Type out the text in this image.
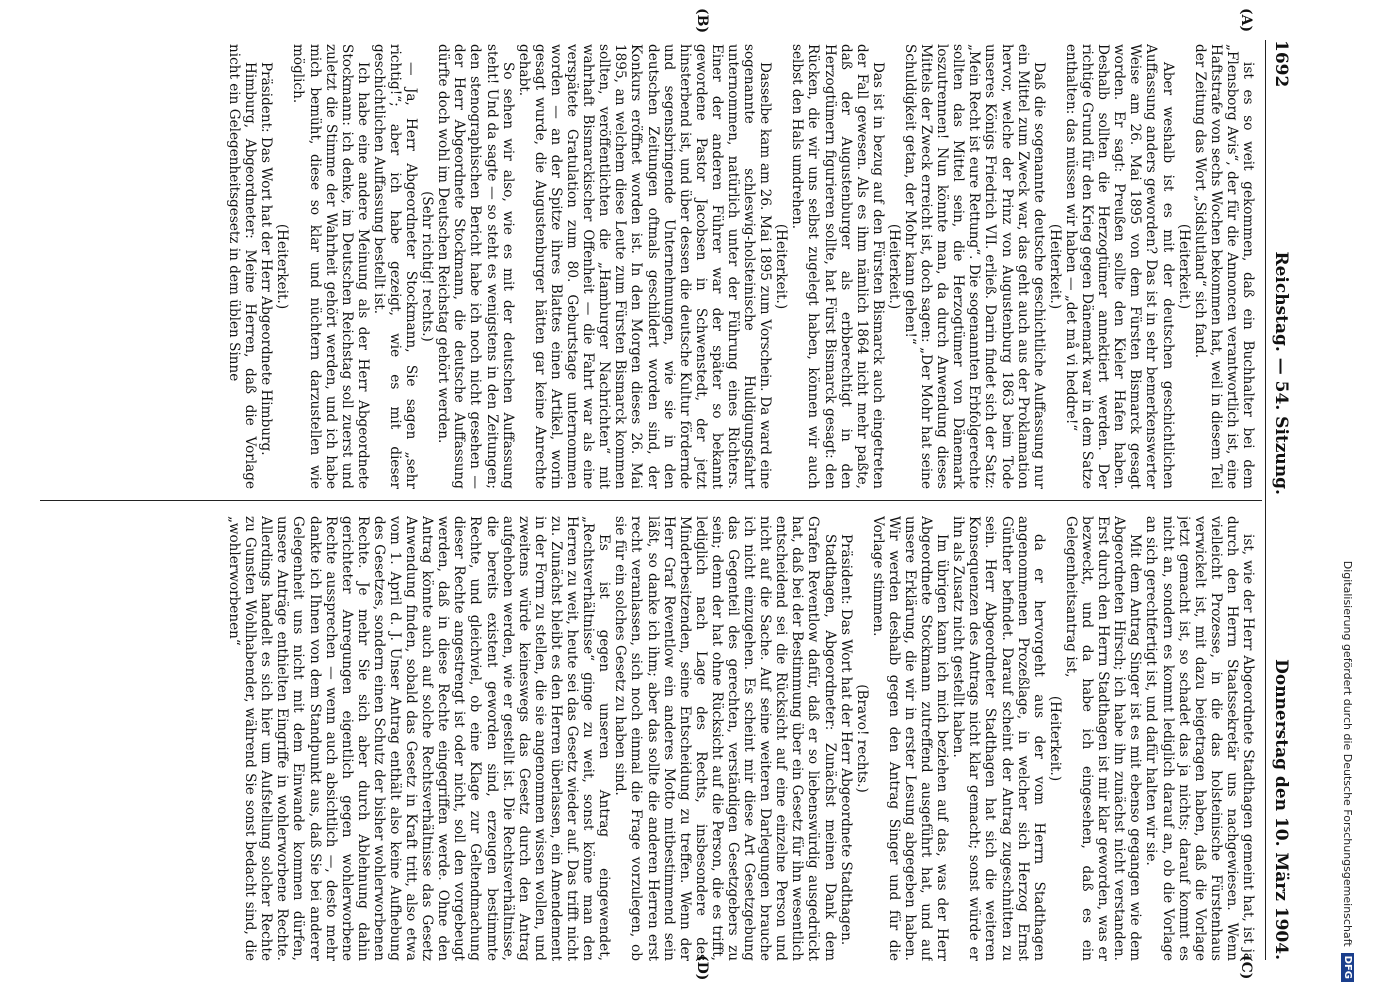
1692
Reichstag. — 54. Sitzung.
Donnerstag den 10. März 1904.
(A)
(B)
(C)
(D)

ist es so weit gekommen, daß ein Buchhalter bei dem „Flensborg Avis“, der für die Annoncen verantwortlich ist, eine Haftstrafe von sechs Wochen bekommen hat, weil in diesem Teil der Zeitung das Wort „Sidslutland“ sich fand.

(Heiterkeit.)

Aber weshalb ist es mit der deutschen geschichtlichen Auffassung anders geworden? Das ist in sehr bemerkenswerter Weise am 26. Mai 1895 von dem Fürsten Bismarck gesagt worden. Er sagt: Preußen sollte den Kieler Hafen haben. Deshalb sollten die Herzogtümer annektiert werden. Der richtige Grund für den Krieg gegen Dänemark war in dem Satze enthalten: das müssen wir haben — „det må vi heddre!“

(Heiterkeit.)

Daß die sogenannte deutsche geschichtliche Auffassung nur ein Mittel zum Zweck war, das geht auch aus der Proklamation hervor, welche der Prinz von Augustenburg 1863 beim Tode unseres Königs Friedrich VII. erließ. Darin findet sich der Satz: „Mein Recht ist eure Rettung“. Die sogenannten Erbfolgerechte sollten das Mittel sein, die Herzogtümer von Dänemark loszutrennen! Nun könnte man, da durch Anwendung dieses Mittels der Zweck erreicht ist, doch sagen: „Der Mohr hat seine Schuldigkeit getan, der Mohr kann gehen!“

(Heiterkeit.)

Das ist in bezug auf den Fürsten Bismarck auch eingetreten der Fall gewesen. Als es ihm nämlich 1864 nicht mehr paßte, daß der Augustenburger als erbberechtigt in den Herzogtümern figurieren sollte, hat Fürst Bismarck gesagt: den Rücken, die wir uns selbst zugelegt haben, können wir auch selbst den Hals umdrehen.

(Heiterkeit.)

Dasselbe kam am 26. Mai 1895 zum Vorschein. Da ward eine sogenannte schleswig-holsteinische Huldigungsfahrt unternommen, natürlich unter der Führung eines Richters. Einer der anderen Führer war der später so bekannt gewordene Pastor Jacobsen in Schwenstedt, der jetzt hinsterbend ist, und über dessen die deutsche Kultur fördernde und segensbringende Unternehmungen, wie sie in den deutschen Zeitungen oftmals geschildert worden sind, der Konkurs eröffnet worden ist. In den Morgen dieses 26. Mai 1895, an welchem diese Leute zum Fürsten Bismarck kommen sollten, veröffentlichten die „Hamburger Nachrichten“ mit wahrhaft Bismarckischer Offenheit — die Fahrt war als eine verspätete Gratulation zum 80. Geburtstage unternommen worden — an der Spitze ihres Blattes einen Artikel, worin gesagt wurde, die Augustenburger hätten gar keine Anrechte gehabt.

So sehen wir also, wie es mit der deutschen Auffassung steht! Und da sagte — so steht es wenigstens in den Zeitungen; den stenographischen Bericht habe ich noch nicht gesehen — der Herr Abgeordnete Stockmann, die deutsche Auffassung dürfte doch wohl im Deutschen Reichstag gehört werden.

(Sehr richtig! rechts.)

— Ja, Herr Abgeordneter Stockmann, Sie sagen „sehr richtig!“; aber ich habe gezeigt, wie es mit dieser geschichtlichen Auffassung bestellt ist.

Ich habe eine andere Meinung als der Herr Abgeordnete Stockmann: ich denke, im Deutschen Reichstag soll zuerst und zuletzt die Stimme der Wahrheit gehört werden, und ich habe mich bemüht, diese so klar und nüchtern darzustellen wie möglich.

(Heiterkeit.)

Präsident: Das Wort hat der Herr Abgeordnete Himburg.

Himburg, Abgeordneter: Meine Herren, daß die Vorlage nicht ein Gelegenheitsgesetz in dem üblen Sinne

ist, wie der Herr Abgeordnete Stadthagen gemeint hat, ist ja durch den Herrn Staatssekretär uns nachgewiesen. Wenn vielleicht Prozesse, in die das holsteinische Fürstenhaus verwickelt ist, mit dazu beigetragen haben, daß die Vorlage jetzt gemacht ist, so schadet das ja nichts; darauf kommt es nicht an, sondern es kommt lediglich darauf an, ob die Vorlage an sich gerechtfertigt ist, und dafür halten wir sie.

Mit dem Antrag Singer ist es mit ebenso gegangen wie dem Abgeordneten Hirsch; ich habe ihn zunächst nicht verstanden. Erst durch den Herrn Stadthagen ist mir klar geworden, was er bezweckt, und da habe ich eingesehen, daß es ein Gelegenheitsantrag ist,

(Heiterkeit.)

da er hervorgeht aus der vom Herrn Stadthagen angenommenen Prozeßlage, in welcher sich Herzog Ernst Günther befindet. Darauf scheint der Antrag zugeschnitten zu sein. Herr Abgeordneter Stadthagen hat sich die weiteren Konsequenzen des Antrags nicht klar gemacht; sonst würde er ihn als Zusatz nicht gestellt haben.

Im übrigen kann ich mich beziehen auf das, was der Herr Abgeordnete Stockmann zutreffend ausgeführt hat, und auf unsere Erklärung, die wir in erster Lesung abgegeben haben. Wir werden deshalb gegen den Antrag Singer und für die Vorlage stimmen.

(Bravo! rechts.)

Präsident: Das Wort hat der Herr Abgeordnete Stadthagen.

Stadthagen, Abgeordneter: Zunächst meinen Dank dem Grafen Reventlow dafür, daß er so liebenswürdig ausgedrückt hat, daß bei der Bestimmung über ein Gesetz für ihn wesentlich entscheidend sei die Rücksicht auf eine einzelne Person und nicht auf die Sache. Auf seine weiteren Darlegungen brauche ich nicht einzugehen. Es scheint mir diese Art Gesetzgebung das Gegenteil des gerechten, verständigen Gesetzgebers zu sein; denn der hat ohne Rücksicht auf die Person, die es trifft, lediglich nach Lage des Rechts, insbesondere des Minderbesitzenden, seine Entscheidung zu treffen. Wenn der Herr Graf Reventlow ein anderes Motto mitbestimmend sein läßt, so danke ich ihm; aber das sollte die anderen Herren erst recht veranlassen, sich noch einmal die Frage vorzulegen, ob sie für ein solches Gesetz zu haben sind.

Es ist gegen unseren Antrag eingewendet, „Rechtsverhältnisse“ ginge zu weit, sonst könne man den Herren zu weit, heute sei das Gesetz wieder auf. Das trifft nicht zu. Zunächst bleibt es den Herren überlassen, ein Amendement in der Form zu stellen, die sie angenommen wissen wollen, und zweitens würde keineswegs das Gesetz durch den Antrag aufgehoben werden, wie er gestellt ist. Die Rechtsverhältnisse, die bereits existent geworden sind, erzeugen bestimmte Rechte, und gleichviel, ob eine Klage zur Geltendmachung dieser Rechte angestrengt ist oder nicht, soll den vorgebeugt werden, daß in diese Rechte eingegriffen werde. Ohne den Antrag könnte auch auf solche Rechtsverhältnisse das Gesetz Anwendung finden, sobald das Gesetz in Kraft tritt, also etwa vom 1. April d. J. Unser Antrag enthält also keine Aufhebung des Gesetzes, sondern einen Schutz der bisher wohlerworbenen Rechte. Je mehr Sie sich aber durch Ablehnung dahin gerichteter Anregungen eigentlich gegen wohlerworbene Rechte aussprechen — wenn auch absichtlich —, desto mehr dankte ich Ihnen von dem Standpunkt aus, daß Sie bei anderer Gelegenheit uns nicht mit dem Einwande kommen dürfen, unsere Anträge enthielten Eingriffe in wohlerworbene Rechte. Allerdings handelt es sich hier um Aufstellung solcher Rechte zu Gunsten Wohlhabender, während Sie sonst bedacht sind, die „wohlerworbenen“	Digitalisierung gefördert durch die Deutsche Forschungsgemeinschaft
DFG
